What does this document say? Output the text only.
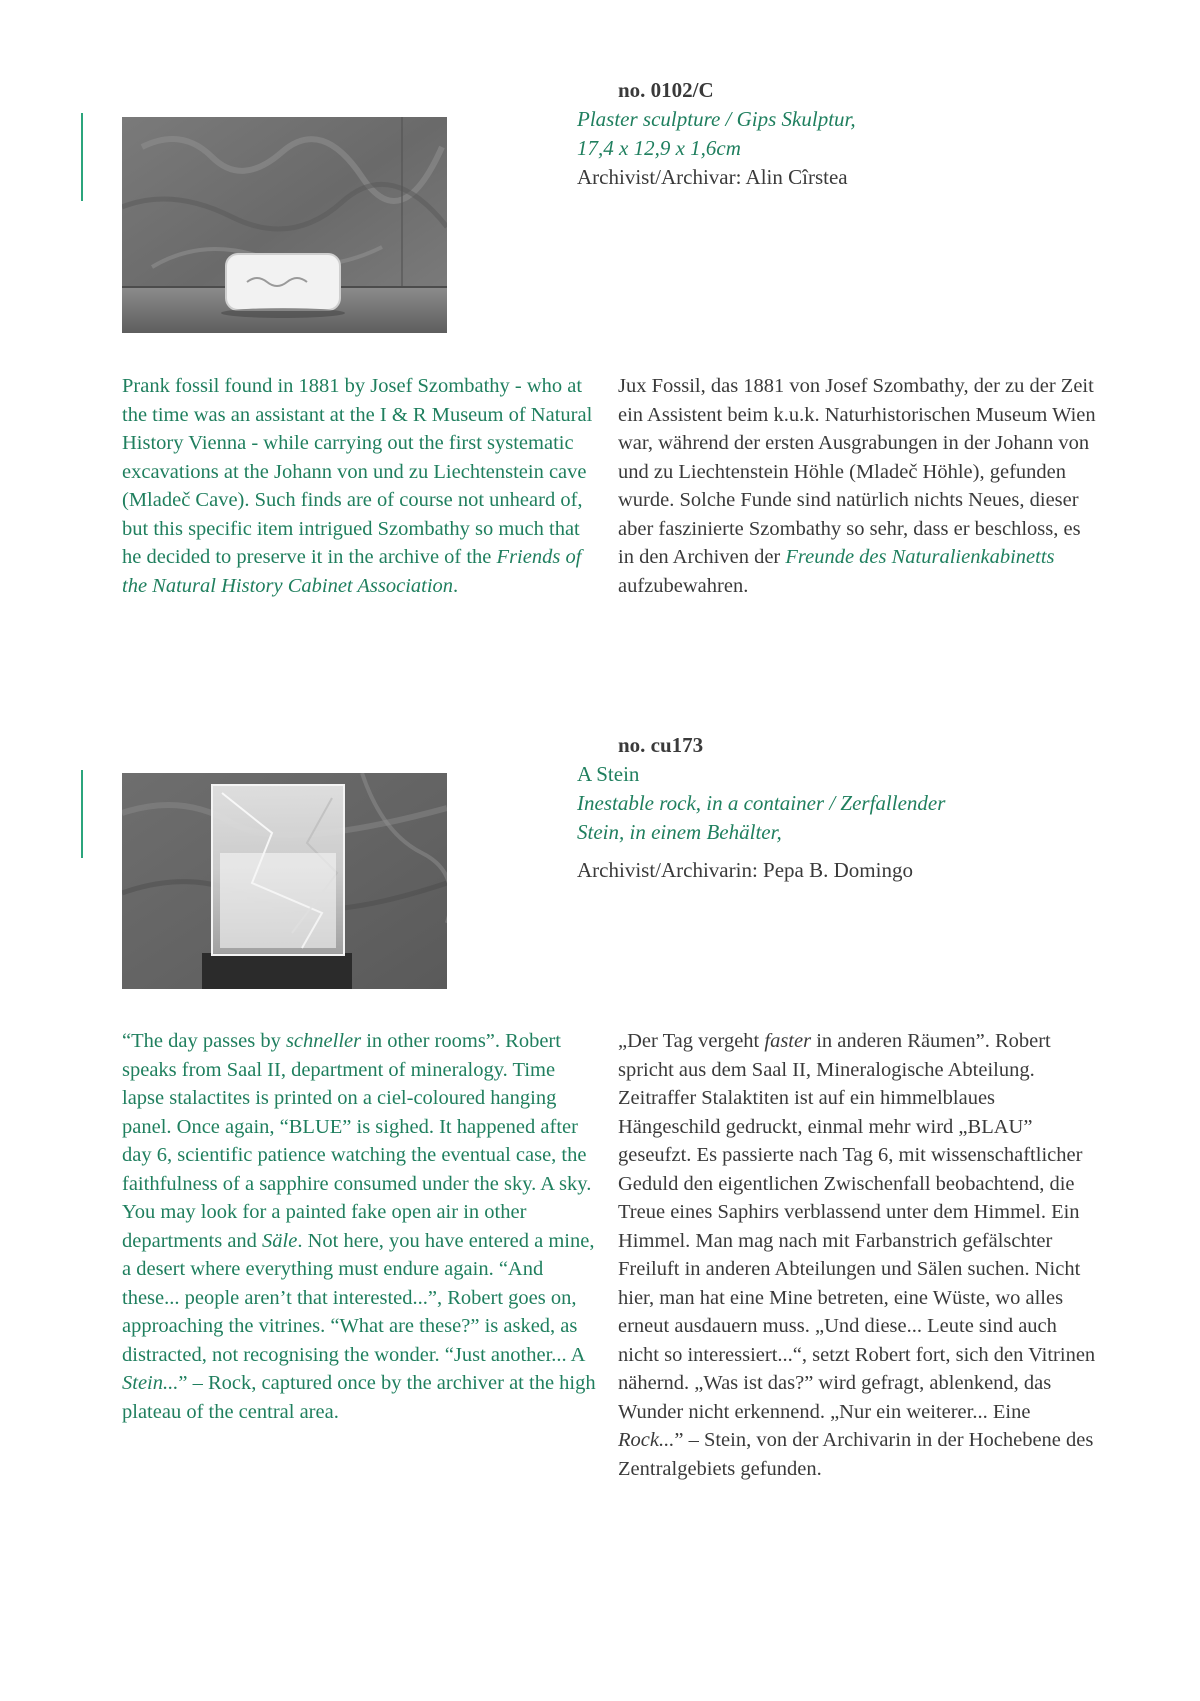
no. 0102/C
Plaster sculpture / Gips Skulptur,
17,4 x 12,9 x 1,6cm
Archivist/Archivar: Alin Cîrstea

Prank fossil found in 1881 by Josef Szombathy - who at the time was an assistant at the I & R Museum of Natural History Vienna - while carrying out the first systematic excavations at the Johann von und zu Liechtenstein cave (Mladeč Cave). Such finds are of course not unheard of, but this specific item intrigued Szombathy so much that he decided to preserve it in the archive of the Friends of the Natural History Cabinet Association.

Jux Fossil, das 1881 von Josef Szombathy, der zu der Zeit ein Assistent beim k.u.k. Naturhistorischen Museum Wien war, während der ersten Ausgrabungen in der Johann von und zu Liechtenstein Höhle (Mladeč Höhle), gefunden wurde. Solche Funde sind natürlich nichts Neues, dieser aber faszinierte Szombathy so sehr, dass er beschloss, es in den Archiven der Freunde des Naturalienkabinetts aufzubewahren.

no. cu173
A Stein
Inestable rock, in a container / Zerfallender
Stein, in einem Behälter,
Archivist/Archivarin: Pepa B. Domingo

“The day passes by schneller in other rooms”. Robert speaks from Saal II, department of mineralogy. Time lapse stalactites is printed on a ciel-coloured hanging panel. Once again, “BLUE” is sighed. It happened after day 6, scientific patience watching the eventual case, the faithfulness of a sapphire consumed under the sky. A sky. You may look for a painted fake open air in other departments and Säle. Not here, you have entered a mine, a desert where everything must endure again. “And these... people aren’t that interested...”, Robert goes on, approaching the vitrines. “What are these?” is asked, as distracted, not recognising the wonder. “Just another... A Stein...” – Rock, captured once by the archiver at the high plateau of the central area.

„Der Tag vergeht faster in anderen Räumen”. Robert spricht aus dem Saal II, Mineralogische Abteilung. Zeitraffer Stalaktiten ist auf ein himmelblaues Hängeschild gedruckt, einmal mehr wird „BLAU” geseufzt. Es passierte nach Tag 6, mit wissenschaftlicher Geduld den eigentlichen Zwischenfall beobachtend, die Treue eines Saphirs verblassend unter dem Himmel. Ein Himmel. Man mag nach mit Farbanstrich gefälschter Freiluft in anderen Abteilungen und Sälen suchen. Nicht hier, man hat eine Mine betreten, eine Wüste, wo alles erneut ausdauern muss. „Und diese... Leute sind auch nicht so interessiert...“, setzt Robert fort, sich den Vitrinen nähernd. „Was ist das?” wird gefragt, ablenkend, das Wunder nicht erkennend. „Nur ein weiterer... Eine Rock...” – Stein, von der Archivarin in der Hochebene des Zentralgebiets gefunden.
